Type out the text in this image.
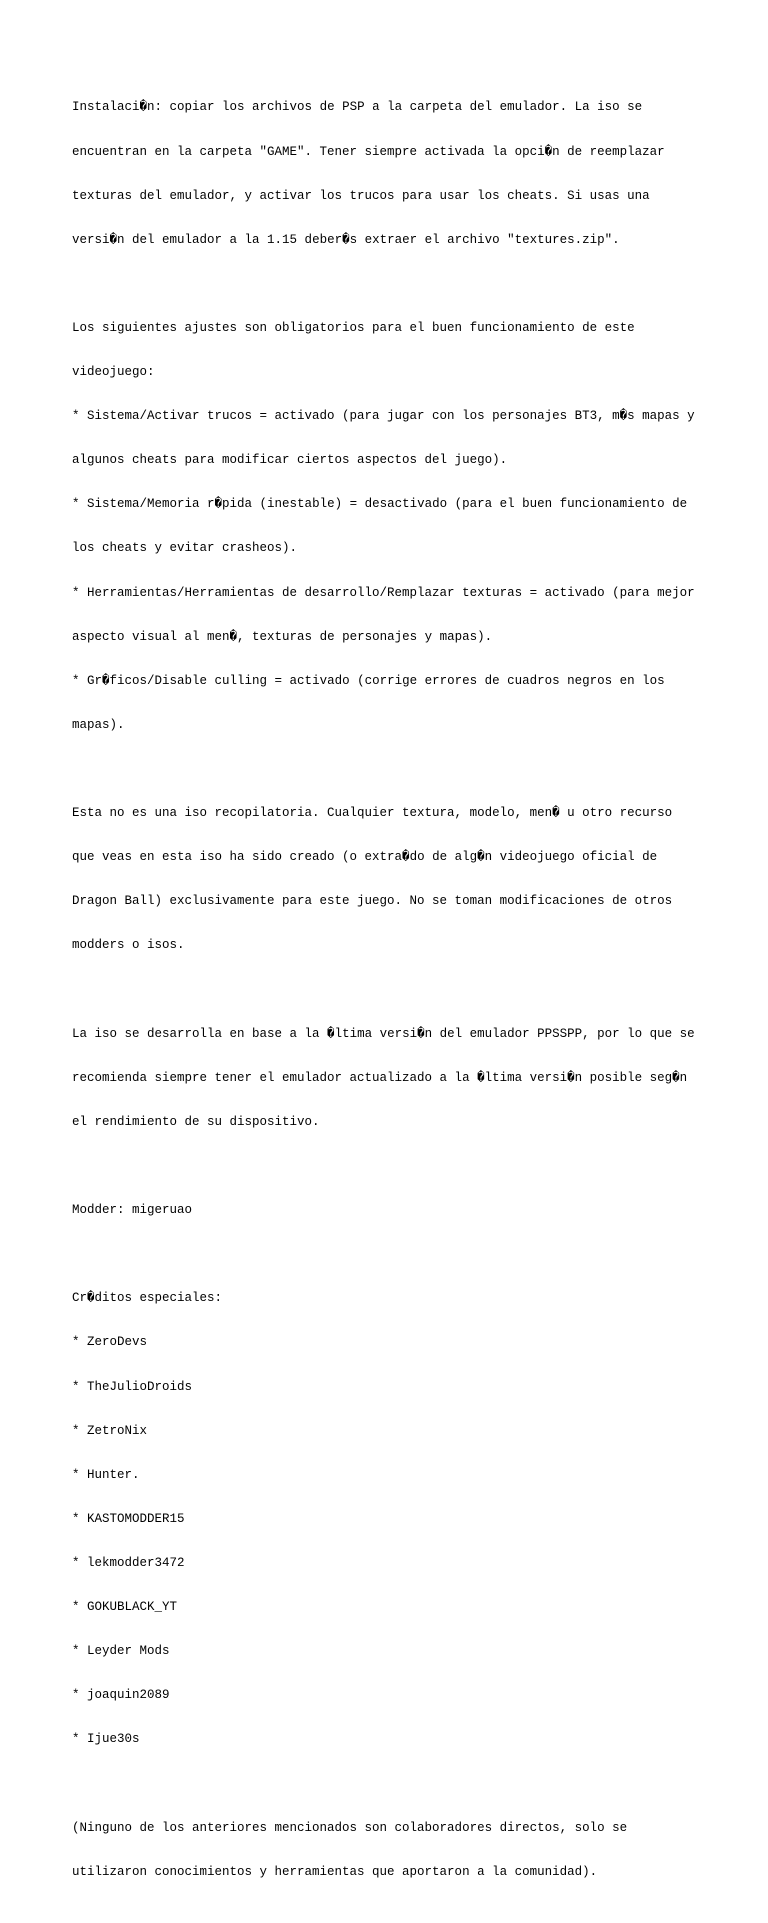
Instalaci�n: copiar los archivos de PSP a la carpeta del emulador. La iso se

encuentran en la carpeta "GAME". Tener siempre activada la opci�n de reemplazar

texturas del emulador, y activar los trucos para usar los cheats. Si usas una

versi�n del emulador a la 1.15 deber�s extraer el archivo "textures.zip".

Los siguientes ajustes son obligatorios para el buen funcionamiento de este

videojuego:

* Sistema/Activar trucos = activado (para jugar con los personajes BT3, m�s mapas y

algunos cheats para modificar ciertos aspectos del juego).

* Sistema/Memoria r�pida (inestable) = desactivado (para el buen funcionamiento de

los cheats y evitar crasheos).

* Herramientas/Herramientas de desarrollo/Remplazar texturas = activado (para mejor

aspecto visual al men�, texturas de personajes y mapas).

* Gr�ficos/Disable culling = activado (corrige errores de cuadros negros en los

mapas).

Esta no es una iso recopilatoria. Cualquier textura, modelo, men� u otro recurso

que veas en esta iso ha sido creado (o extra�do de alg�n videojuego oficial de

Dragon Ball) exclusivamente para este juego. No se toman modificaciones de otros

modders o isos.

La iso se desarrolla en base a la �ltima versi�n del emulador PPSSPP, por lo que se

recomienda siempre tener el emulador actualizado a la �ltima versi�n posible seg�n

el rendimiento de su dispositivo.

Modder: migeruao

Cr�ditos especiales:

* ZeroDevs

* TheJulioDroids

* ZetroNix

* Hunter.

* KASTOMODDER15

* lekmodder3472

* GOKUBLACK_YT

* Leyder Mods

* joaquin2089

* Ijue30s

(Ninguno de los anteriores mencionados son colaboradores directos, solo se

utilizaron conocimientos y herramientas que aportaron a la comunidad).
